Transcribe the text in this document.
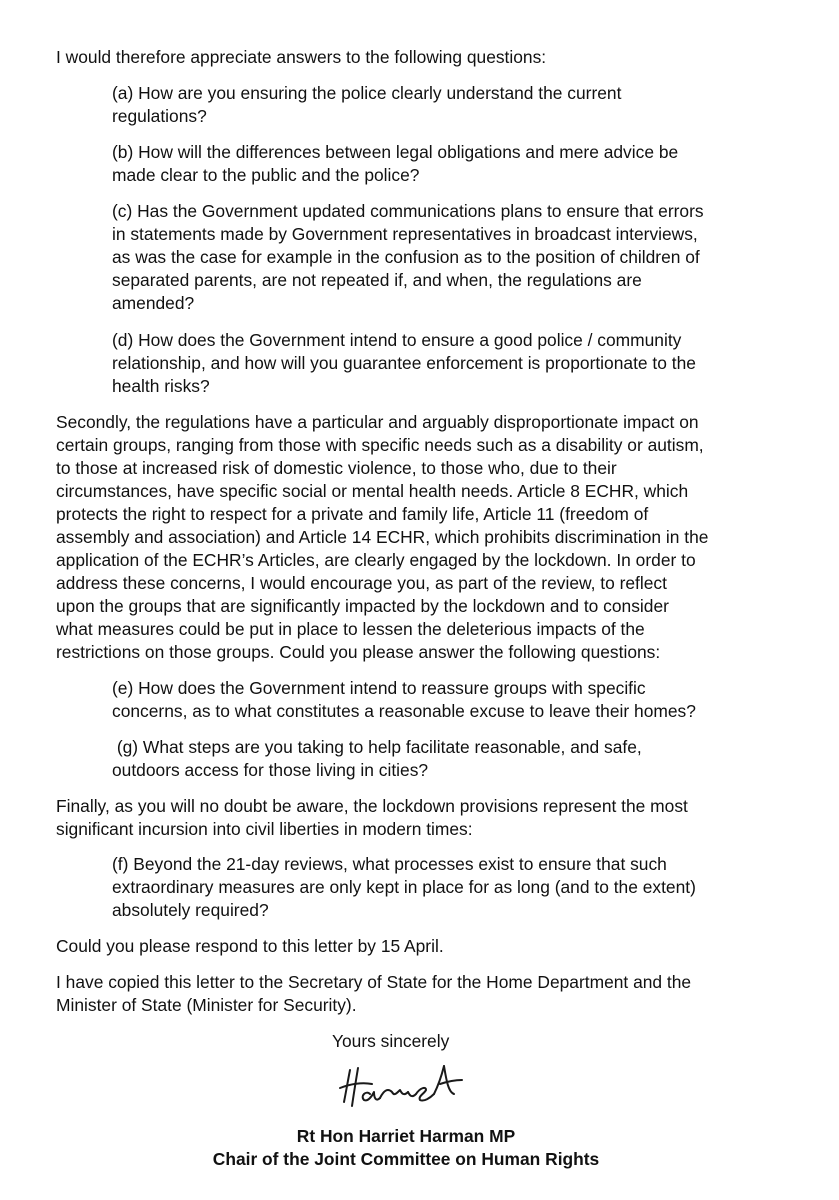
I would therefore appreciate answers to the following questions:
(a) How are you ensuring the police clearly understand the current
regulations?
(b) How will the differences between legal obligations and mere advice be
made clear to the public and the police?
(c) Has the Government updated communications plans to ensure that errors
in statements made by Government representatives in broadcast interviews,
as was the case for example in the confusion as to the position of children of
separated parents, are not repeated if, and when, the regulations are
amended?
(d) How does the Government intend to ensure a good police / community
relationship, and how will you guarantee enforcement is proportionate to the
health risks?
Secondly, the regulations have a particular and arguably disproportionate impact on
certain groups, ranging from those with specific needs such as a disability or autism,
to those at increased risk of domestic violence, to those who, due to their
circumstances, have specific social or mental health needs. Article 8 ECHR, which
protects the right to respect for a private and family life, Article 11 (freedom of
assembly and association) and Article 14 ECHR, which prohibits discrimination in the
application of the ECHR’s Articles, are clearly engaged by the lockdown. In order to
address these concerns, I would encourage you, as part of the review, to reflect
upon the groups that are significantly impacted by the lockdown and to consider
what measures could be put in place to lessen the deleterious impacts of the
restrictions on those groups. Could you please answer the following questions:
(e) How does the Government intend to reassure groups with specific
concerns, as to what constitutes a reasonable excuse to leave their homes?
(g) What steps are you taking to help facilitate reasonable, and safe,
outdoors access for those living in cities?
Finally, as you will no doubt be aware, the lockdown provisions represent the most
significant incursion into civil liberties in modern times:
(f) Beyond the 21-day reviews, what processes exist to ensure that such
extraordinary measures are only kept in place for as long (and to the extent)
absolutely required?
Could you please respond to this letter by 15 April.
I have copied this letter to the Secretary of State for the Home Department and the
Minister of State (Minister for Security).
Yours sincerely
Rt Hon Harriet Harman MP
Chair of the Joint Committee on Human Rights
